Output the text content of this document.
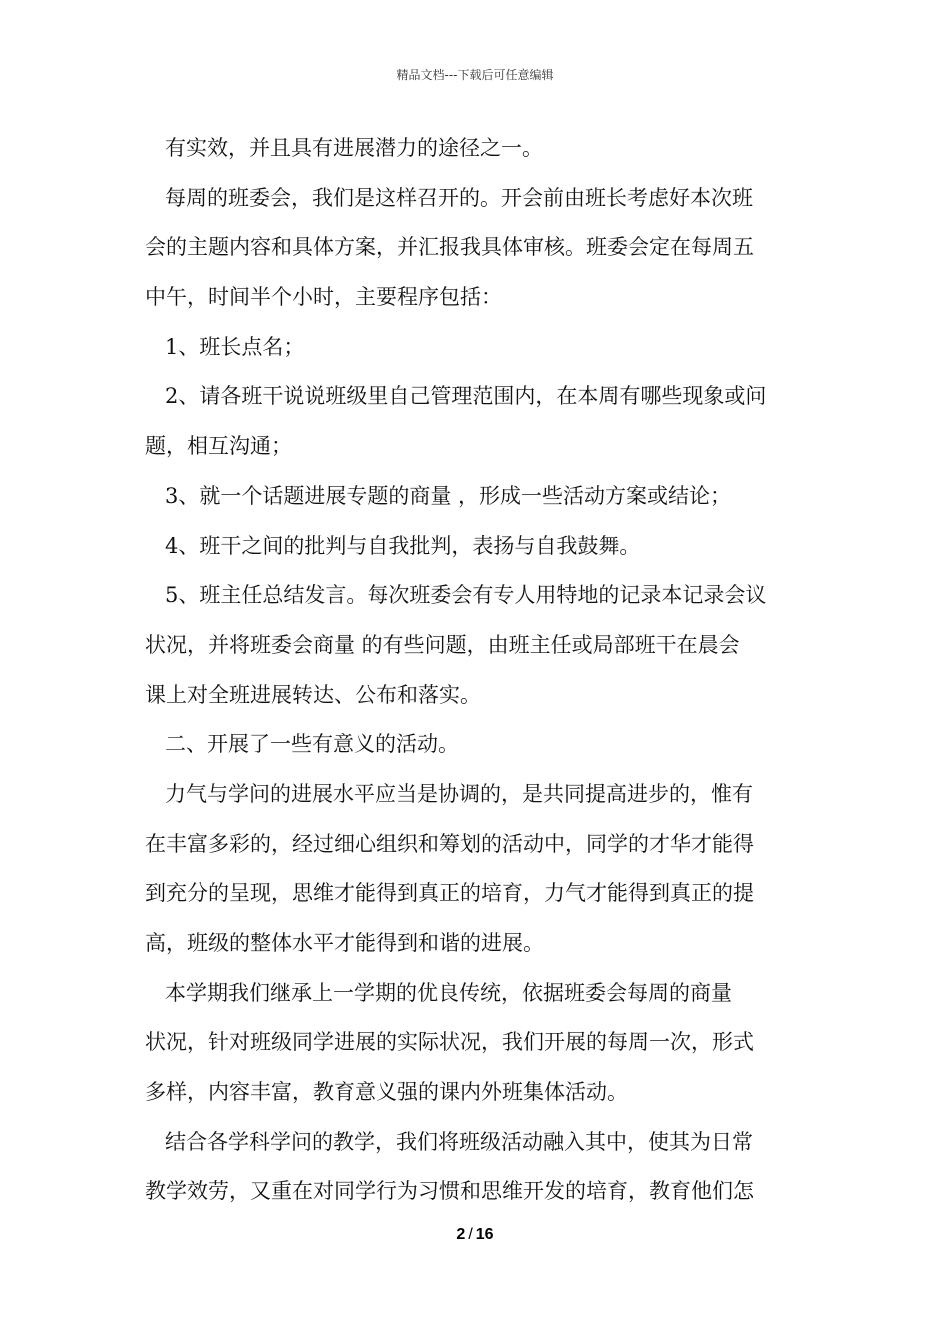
精品文档---下载后可任意编辑
有实效，并且具有进展潜力的途径之一。
每周的班委会，我们是这样召开的。开会前由班长考虑好本次班
会的主题内容和具体方案，并汇报我具体审核。班委会定在每周五
中午，时间半个小时，主要程序包括：
1、班长点名；
2、请各班干说说班级里自己管理范围内，在本周有哪些现象或问
题，相互沟通；
3、就一个话题进展专题的商量 ，形成一些活动方案或结论；
4、班干之间的批判与自我批判，表扬与自我鼓舞。
5、班主任总结发言。每次班委会有专人用特地的记录本记录会议
状况，并将班委会商量 的有些问题，由班主任或局部班干在晨会
课上对全班进展转达、公布和落实。
二、开展了一些有意义的活动。
力气与学问的进展水平应当是协调的，是共同提高进步的，惟有
在丰富多彩的，经过细心组织和筹划的活动中，同学的才华才能得
到充分的呈现，思维才能得到真正的培育，力气才能得到真正的提
高，班级的整体水平才能得到和谐的进展。
本学期我们继承上一学期的优良传统，依据班委会每周的商量
状况，针对班级同学进展的实际状况，我们开展的每周一次，形式
多样，内容丰富，教育意义强的课内外班集体活动。
结合各学科学问的教学，我们将班级活动融入其中，使其为日常
教学效劳，又重在对同学行为习惯和思维开发的培育，教育他们怎
2 / 16
